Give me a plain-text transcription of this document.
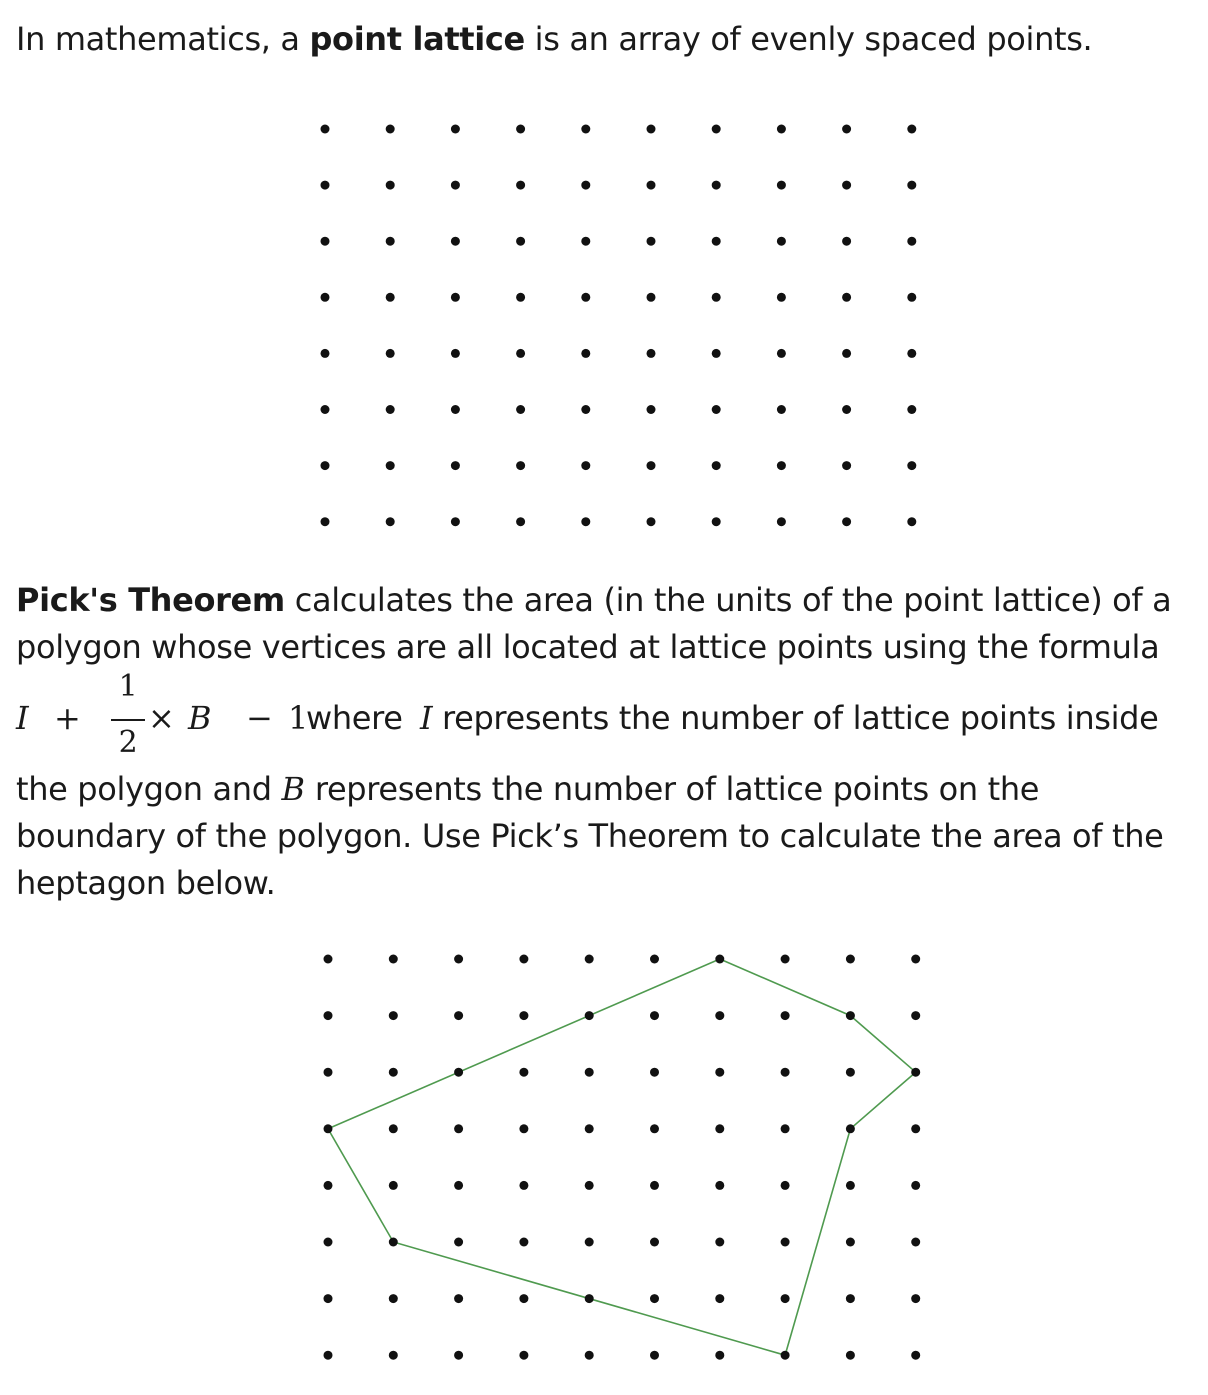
In mathematics, a point lattice is an array of evenly spaced points.

Pick's Theorem calculates the area (in the units of the point lattice) of a
polygon whose vertices are all located at lattice points using the formula

I +
1
2
× B − 1
where I represents the number of lattice points inside

the polygon and B represents the number of lattice points on the
boundary of the polygon. Use Pick’s Theorem to calculate the area of the
heptagon below.
